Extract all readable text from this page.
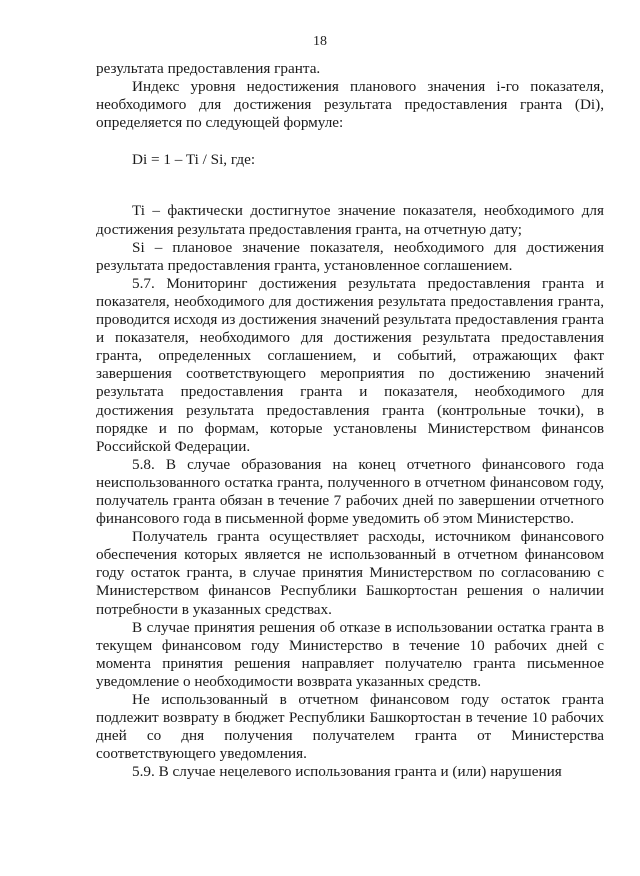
18

результата предоставления гранта.

Индекс уровня недостижения планового значения i-го показателя, необходимого для достижения результата предоставления гранта (Di), определяется по следующей формуле:

Di = 1 – Ti / Si, где:

Ti – фактически достигнутое значение показателя, необходимого для достижения результата предоставления гранта, на отчетную дату;

Si – плановое значение показателя, необходимого для достижения результата предоставления гранта, установленное соглашением.

5.7. Мониторинг достижения результата предоставления гранта и показателя, необходимого для достижения результата предоставления гранта, проводится исходя из достижения значений результата предоставления гранта и показателя, необходимого для достижения результата предоставления гранта, определенных соглашением, и событий, отражающих факт завершения соответствующего мероприятия по достижению значений результата предоставления гранта и показателя, необходимого для достижения результата предоставления гранта (контрольные точки), в порядке и по формам, которые установлены Министерством финансов Российской Федерации.

5.8. В случае образования на конец отчетного финансового года неиспользованного остатка гранта, полученного в отчетном финансовом году, получатель гранта обязан в течение 7 рабочих дней по завершении отчетного финансового года в письменной форме уведомить об этом Министерство.

Получатель гранта осуществляет расходы, источником финансового обеспечения которых является не использованный в отчетном финансовом году остаток гранта, в случае принятия Министерством по согласованию с Министерством финансов Республики Башкортостан решения о наличии потребности в указанных средствах.

В случае принятия решения об отказе в использовании остатка гранта в текущем финансовом году Министерство в течение 10 рабочих дней с момента принятия решения направляет получателю гранта письменное уведомление о необходимости возврата указанных средств.

Не использованный в отчетном финансовом году остаток гранта подлежит возврату в бюджет Республики Башкортостан в течение 10 рабочих дней со дня получения получателем гранта от Министерства соответствующего уведомления.

5.9. В случае нецелевого использования гранта и (или) нарушения
